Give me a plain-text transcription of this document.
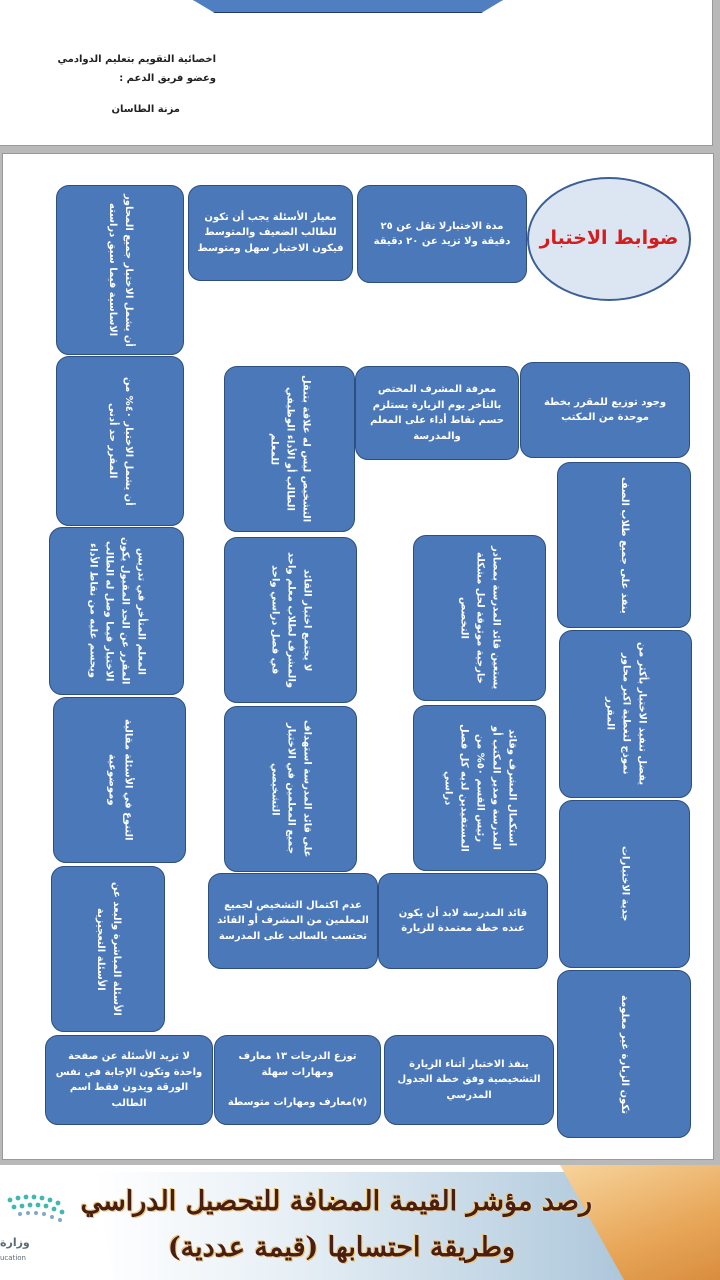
اخصائية التقويم بتعليم الدوادمي
وعضو فريق الدعم :
مزنة الطاسان
ضوابط الاختبار
مدة الاختبارلا تقل عن ٢٥ دقيقة ولا تزيد عن ٢٠ دقيقة
معيار الأسئلة يجب أن تكون للطالب الضعيف والمتوسط فيكون الاختبار سهل ومتوسط
أن يشمل الاختبار جميع المحاور الاساسية فيما سبق دراسته
أن يشمل الاختبار ٤٠% من المقرر حد أدنى
المعلم المتأخر في تدريس المقرر عن الحد المقبول يكون الاختبار فيما وصل له الطالب ويحسم عليه من نقاط الأداء
التنوع في الأسئلة مقالية وموضوعية
الأسئلة المباشرة والبعد عن الأسئلة التعجيزية
لا تزيد الأسئلة عن صفحة واحدة وتكون الإجابة في نفس الورقة ويدون فقط اسم الطالب
توزع الدرجات ١٣ معارف ومهارات سهلة
(٧)معارف ومهارات متوسطة
ينفذ الاختبار أثناء الزيارة التشخيصية وفق خطة الجدول المدرسي	تكون الزيارة غير معلومة
جدية الاختبارات
يفضل تنفيذ الاختبار بأكثر من نموذج لتغطية اكبر محاور المقرر
ينفذ على جميع طلاب الصف
وجود توزيع للمقرر بخطة موحدة من المكتب
معرفة المشرف المختص بالتأخر يوم الزيارة يستلزم حسم نقاط أداء على المعلم والمدرسة
التشخيص ليس له علاقة بتنقل الطالب أو الأداء الوظيفي للمعلم
لا يجتمع اختبار القائد والمشرف لطلاب معلم واحد في فصل دراسي واحد
على قائد المدرسة استهداف جميع المعلمين في الاختبار التشخيصي
عدم اكتمال التشخيص لجميع المعلمين من المشرف أو القائد تحتسب بالسالب على المدرسة
قائد المدرسة لابد أن يكون عنده خطة معتمدة للزيارة
استكمال المشرف وقائد المدرسة ومدير المكتب أو رئيس القسم ٥٠% من المستفيدين لديه كل فصل دراسي
يستعين قائد المدرسة بمصادر خارجية موثوقة لحل مشكلة التخصص
رصد مؤشر القيمة المضافة للتحصيل الدراسي
وطريقة احتسابها (قيمة عددية)
وزارة
ucation
